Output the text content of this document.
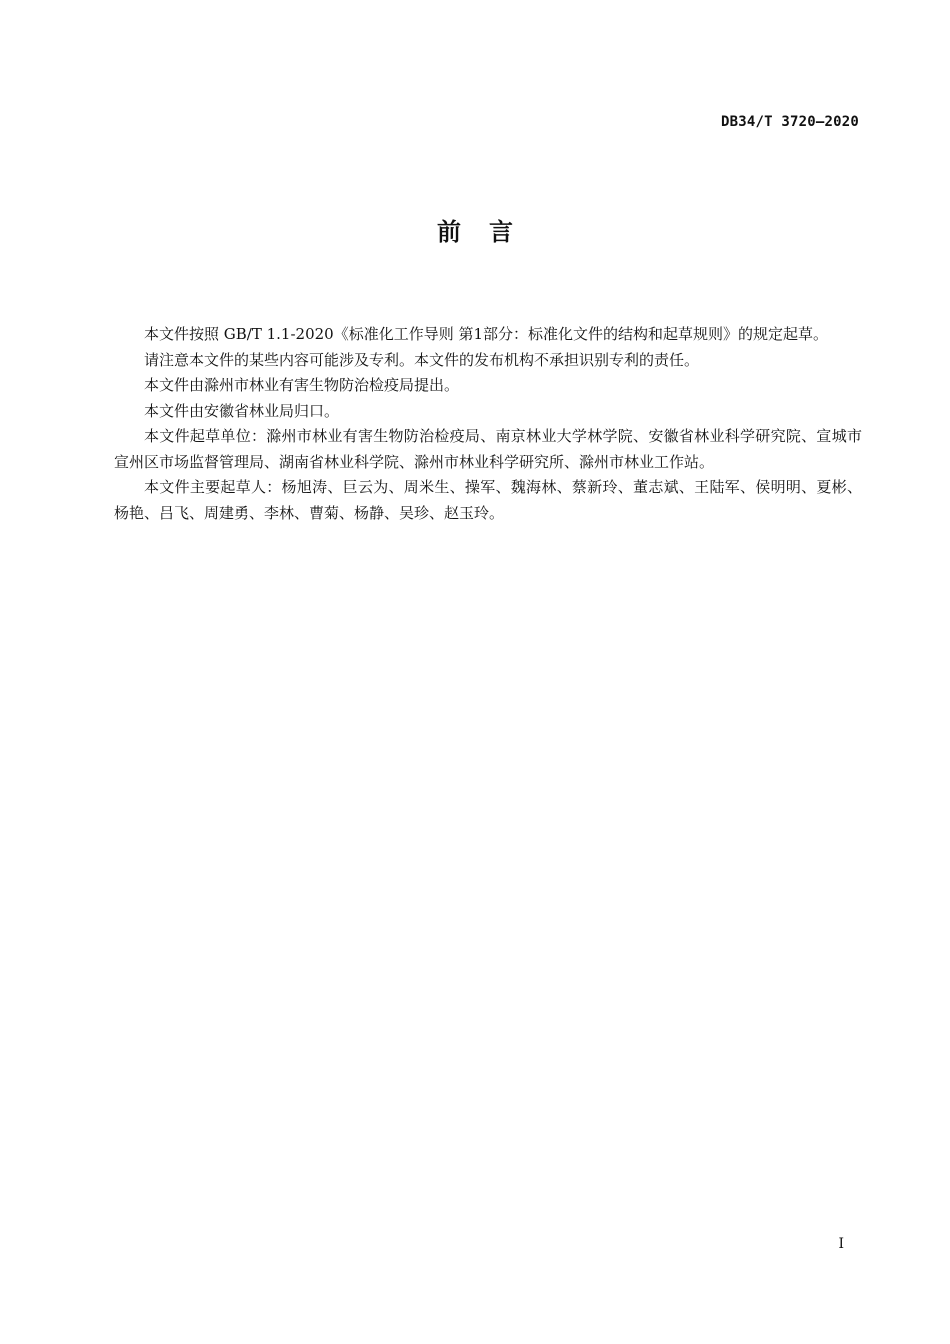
DB34/T 3720—2020
前 言

本文件按照 GB/T 1.1-2020《标准化工作导则 第1部分：标准化文件的结构和起草规则》的规定起草。

请注意本文件的某些内容可能涉及专利。本文件的发布机构不承担识别专利的责任。

本文件由滁州市林业有害生物防治检疫局提出。

本文件由安徽省林业局归口。

本文件起草单位：滁州市林业有害生物防治检疫局、南京林业大学林学院、安徽省林业科学研究院、宣城市宣州区市场监督管理局、湖南省林业科学院、滁州市林业科学研究所、滁州市林业工作站。

本文件主要起草人：杨旭涛、巨云为、周米生、操军、魏海林、蔡新玲、董志斌、王陆军、侯明明、夏彬、杨艳、吕飞、周建勇、李林、曹菊、杨静、吴珍、赵玉玲。

I
